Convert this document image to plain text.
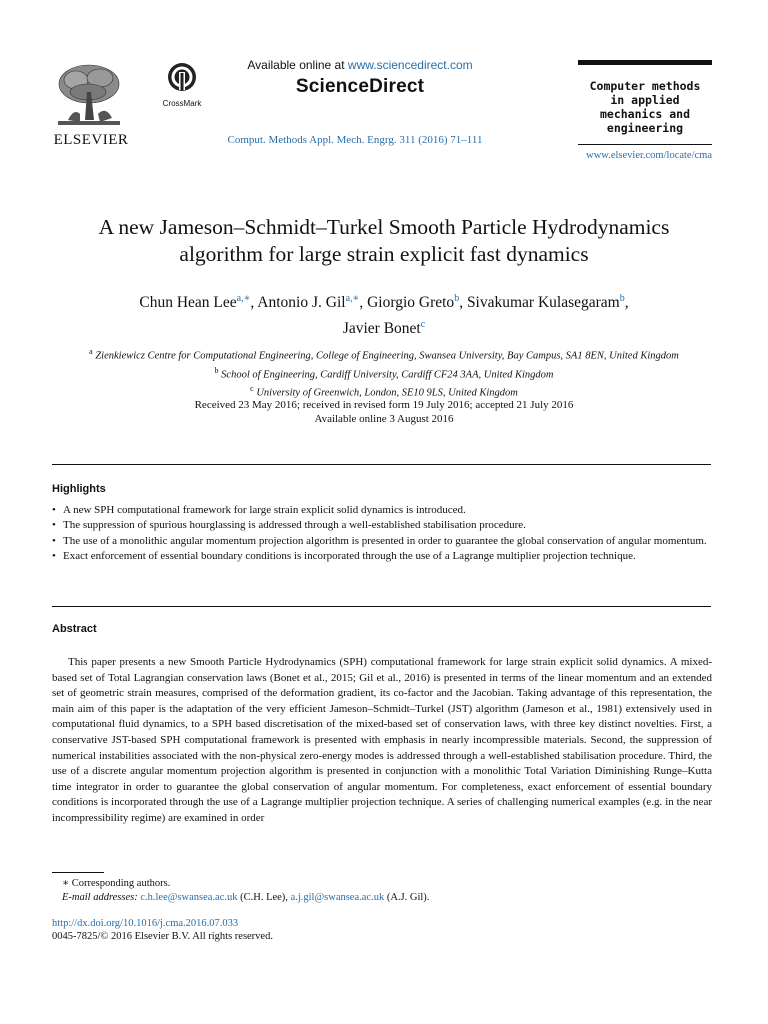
ELSEVIER
CrossMark
Available online at www.sciencedirect.com
ScienceDirect
Comput. Methods Appl. Mech. Engrg. 311 (2016) 71–111
Computer methods
in applied
mechanics and
engineering
www.elsevier.com/locate/cma
A new Jameson–Schmidt–Turkel Smooth Particle Hydrodynamics
algorithm for large strain explicit fast dynamics
Chun Hean Lee$^{a,∗}$, Antonio J. Gil$^{a,∗}$, Giorgio Greto$^b$, Sivakumar Kulasegaram$^b$,
Javier Bonet$^c$
$^a$ Zienkiewicz Centre for Computational Engineering, College of Engineering, Swansea University, Bay Campus, SA1 8EN, United Kingdom
$^b$ School of Engineering, Cardiff University, Cardiff CF24 3AA, United Kingdom
$^c$ University of Greenwich, London, SE10 9LS, United Kingdom
Received 23 May 2016; received in revised form 19 July 2016; accepted 21 July 2016
Available online 3 August 2016
Highlights
• A new SPH computational framework for large strain explicit solid dynamics is introduced.
• The suppression of spurious hourglassing is addressed through a well-established stabilisation procedure.
• The use of a monolithic angular momentum projection algorithm is presented in order to guarantee the global conservation of angular momentum.
• Exact enforcement of essential boundary conditions is incorporated through the use of a Lagrange multiplier projection technique.
Abstract

This paper presents a new Smooth Particle Hydrodynamics (SPH) computational framework for large strain explicit solid dynamics. A mixed-based set of Total Lagrangian conservation laws (Bonet et al., 2015; Gil et al., 2016) is presented in terms of the linear momentum and an extended set of geometric strain measures, comprised of the deformation gradient, its co-factor and the Jacobian. Taking advantage of this representation, the main aim of this paper is the adaptation of the very efficient Jameson–Schmidt–Turkel (JST) algorithm (Jameson et al., 1981) extensively used in computational fluid dynamics, to a SPH based discretisation of the mixed-based set of conservation laws, with three key distinct novelties. First, a conservative JST-based SPH computational framework is presented with emphasis in nearly incompressible materials. Second, the suppression of numerical instabilities associated with the non-physical zero-energy modes is addressed through a well-established stabilisation procedure. Third, the use of a discrete angular momentum projection algorithm is presented in conjunction with a monolithic Total Variation Diminishing Runge–Kutta time integrator in order to guarantee the global conservation of angular momentum. For completeness, exact enforcement of essential boundary conditions is incorporated through the use of a Lagrange multiplier projection technique. A series of challenging numerical examples (e.g. in the near incompressibility regime) are examined in order

∗ Corresponding authors.
E-mail addresses: c.h.lee@swansea.ac.uk (C.H. Lee), a.j.gil@swansea.ac.uk (A.J. Gil).
http://dx.doi.org/10.1016/j.cma.2016.07.033
0045-7825/© 2016 Elsevier B.V. All rights reserved.
